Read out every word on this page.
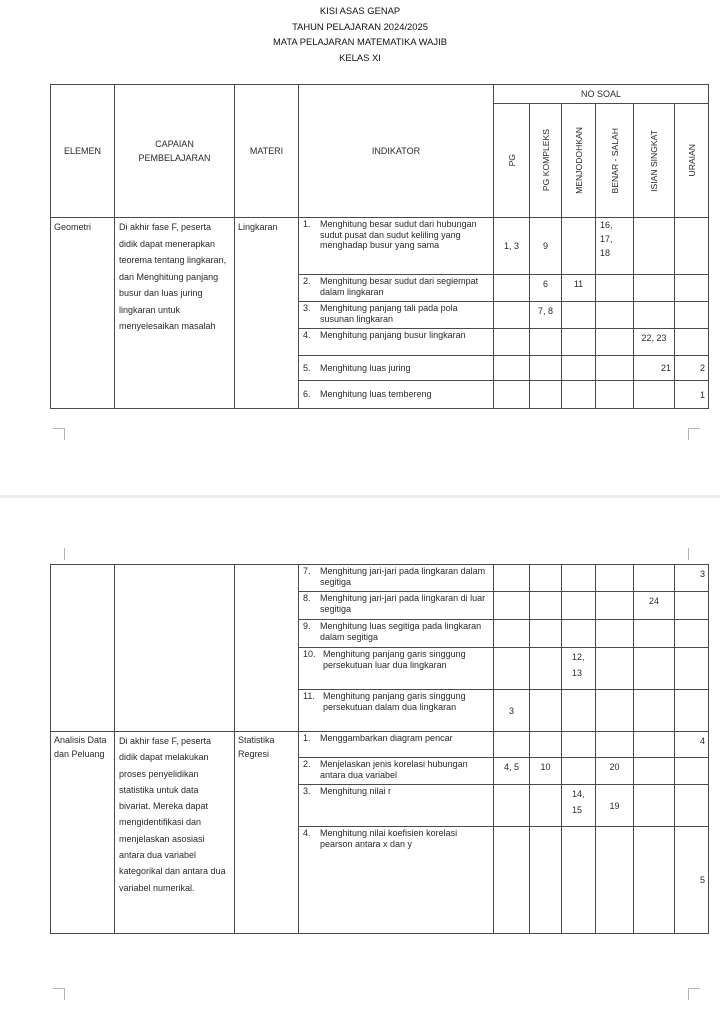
KISI ASAS GENAP
TAHUN PELAJARAN 2024/2025
MATA PELAJARAN MATEMATIKA WAJIB
KELAS XI
ELEMEN	CAPAIAN PEMBELAJARAN	MATERI	INDIKATOR	NO SOAL					

				PG	PG KOMPLEKS	MENJODOHKAN	BENAR - SALAH	ISIAN SINGKAT	URAIAN

Geometri	Di akhir fase F, peserta didik dapat menerapkan teorema tentang lingkaran, dan Menghitung panjang busur dan luas juring lingkaran untuk menyelesaikan masalah	Lingkaran	1. Menghitung besar sudut dari hubungan sudut pusat dan sudut keliling yang menghadap busur yang sama	1, 3	9		16, 17, 18		

			2. Menghitung besar sudut dari segiempat dalam lingkaran		6	11			

			3. Menghitung panjang tali pada pola susunan lingkaran		7, 8				

			4. Menghitung panjang busur lingkaran					22, 23	

			5. Menghitung luas juring					21	2

			6. Menghitung luas tembereng						1

			7. Menghitung jari-jari pada lingkaran dalam segitiga						3

			8. Menghitung jari-jari pada lingkaran di luar segitiga					24	

			9. Menghitung luas segitiga pada lingkaran dalam segitiga						

			10. Menghitung panjang garis singgung persekutuan luar dua lingkaran			12, 13			

			11. Menghitung panjang garis singgung persekutuan dalam dua lingkaran	3					
Analisis Data dan Peluang	Di akhir fase F, peserta didik dapat melakukan proses penyelidikan statistika untuk data bivariat. Mereka dapat mengidentifikasi dan menjelaskan asosiasi antara dua variabel kategorikal dan antara dua variabel numerikal.	Statistika Regresi	1. Menggambarkan diagram pencar						4

			2. Menjelaskan jenis korelasi hubungan antara dua variabel	4, 5	10		20		

			3. Menghitung nilai r			14, 15	19		

			4. Menghitung nilai koefisien korelasi pearson antara x dan y						5
